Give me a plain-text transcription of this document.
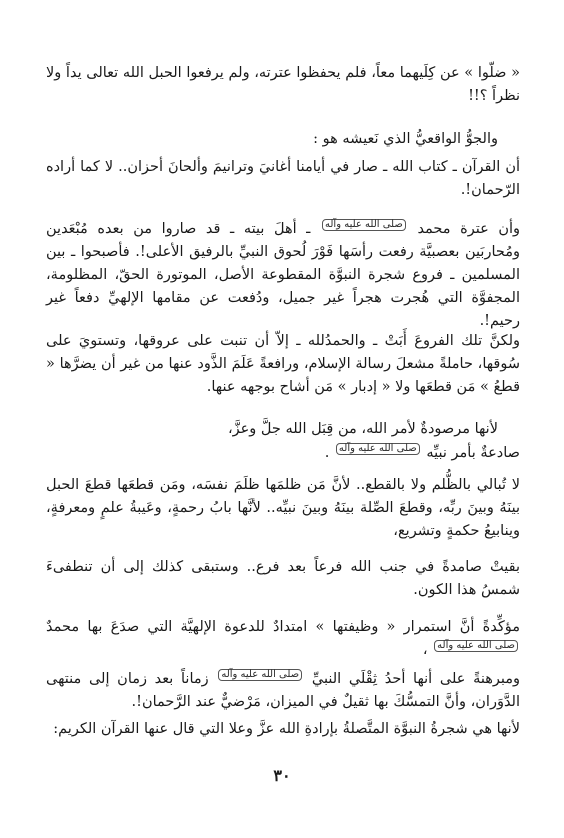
« ضلّوا » عن كِلَيهما معاً، فلم يحفظوا عترته، ولم يرفعوا الحبل الله تعالى يداً ولا نظراً ؟!!
والجوُّ الواقعيُّ الذي نَعيشه هو :
أن القرآن ـ كتاب الله ـ صار في أيامنا أغانيَ وترانيمَ وألحانَ أحزان.. لا كما أراده الرّحمان!.
وأن عترة محمد صلى الله عليه وآله ـ أهلَ بيته ـ قد صاروا من بعده مُبْعَدين ومُحاربَين بعصبيَّة رفعت رأسَها فَوْرَ لُحوق النبيِّ بالرفيق الأعلى!. فأصبحوا ـ بين المسلمين ـ فروع شجرة النبوَّة المقطوعة الأصل، الموتورة الحقّ، المظلومة، المجفوَّة التي هُجرت هجراً غير جميل، ودُفعت عن مقامها الإلهيِّ دفعاً غير رحيم!.
ولكنَّ تلك الفروعَ أَبَتْ ـ والحمدُلله ـ إلاّ أن تنبت على عروقها، وتستويَ على سُوقها، حاملةً مشعلَ رسالة الإسلام، ورافعةً عَلَمَ الذَّود عنها من غير أن يضرَّها « قطعُ » مَن قطعَها ولا « إدبار » مَن أشاح بوجهه عنها.
لأنها مرصودةٌ لأمر الله، من قِبَل الله جلَّ وعزَّ،
صادعةٌ بأمر نبيِّه صلى الله عليه وآله .
لا تُبالي بالظُّلم ولا بالقطع.. لأنَّ مَن ظلمَها ظلَمَ نفسَه، ومَن قطعَها قطعَ الحبل بينَهُ وبينَ ربِّه، وقطعَ الصِّلة بينَهُ وبينَ نبيِّه.. لأنَّها بابُ رحمةٍ، وعَيبةُ علمٍ ومعرفةٍ، وينابيعُ حكمةٍ وتشريع،
بقيتْ صامدةً في جنب الله فرعاً بعد فرع.. وستبقى كذلك إلى أن تنطفىءَ شمسُ هذا الكون.
مؤكِّدةً أنَّ استمرار « وظيفتها » امتدادٌ للدعوة الإلهيَّة التي صدَعَ بها محمدٌ صلى الله عليه وآله ،
ومبرهنةً على أنها أحدُ ثِقْلَي النبيِّ صلى الله عليه وآله زماناً بعد زمان إلى منتهى الدَّوَران، وأنَّ التمسُّكَ بها ثقيلٌ في الميزان، مَرْضيٌّ عند الرَّحمان!.
لأنها هي شجرةُ النبوَّة المتَّصلةُ بإرادةِ الله عزَّ وعلا التي قال عنها القرآن الكريم:
٣٠
